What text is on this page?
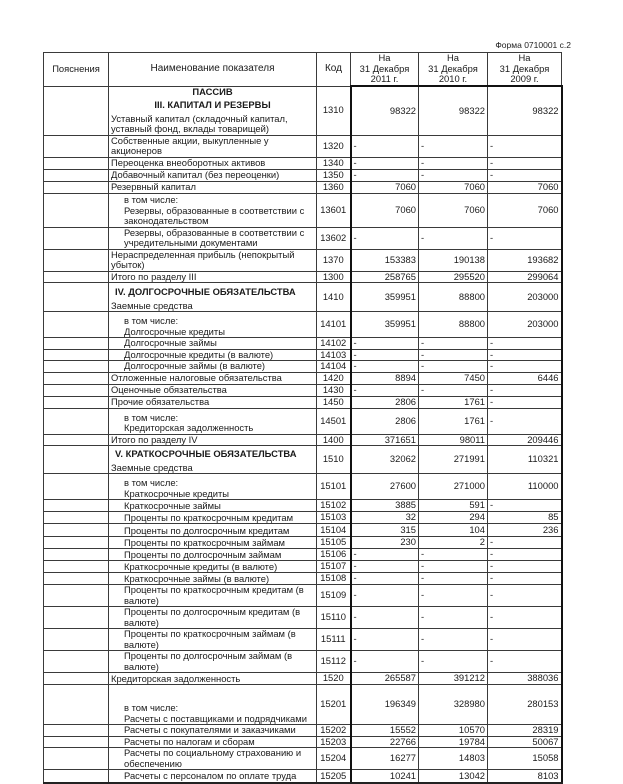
Форма 0710001 с.2
Пояснения	Наименование показателя	Код	На
31 Декабря
2011 г.	На
31 Декабря
2010 г.	На
31 Декабря
2009 г.

	ПАССИВ
III. КАПИТАЛ И РЕЗЕРВЫ
Уставный капитал (складочный капитал, уставный фонд, вклады товарищей)	1310	98322	98322	98322

	Собственные акции, выкупленные у акционеров	1320	-	-	-

	Переоценка внеоборотных активов	1340	-	-	-

	Добавочный капитал (без переоценки)	1350	-	-	-

	Резервный капитал	1360	7060	7060	7060

	в том числе:
Резервы, образованные в соответствии с законодательством	13601	7060	7060	7060

	Резервы, образованные в соответствии с учредительными документами	13602	-	-	-

	Нераспределенная прибыль (непокрытый убыток)	1370	153383	190138	193682

	Итого по разделу III	1300	258765	295520	299064

	IV. ДОЛГОСРОЧНЫЕ ОБЯЗАТЕЛЬСТВА
Заемные средства	1410	359951	88800	203000

	в том числе:
Долгосрочные кредиты	14101	359951	88800	203000

	Долгосрочные займы	14102	-	-	-

	Долгосрочные кредиты (в валюте)	14103	-	-	-

	Долгосрочные займы (в валюте)	14104	-	-	-

	Отложенные налоговые обязательства	1420	8894	7450	6446

	Оценочные обязательства	1430	-	-	-

	Прочие обязательства	1450	2806	1761	-

	в том числе:
Кредиторская задолженность	14501	2806	1761	-

	Итого по разделу IV	1400	371651	98011	209446

	V. КРАТКОСРОЧНЫЕ ОБЯЗАТЕЛЬСТВА
Заемные средства	1510	32062	271991	110321

	в том числе:
Краткосрочные кредиты	15101	27600	271000	110000

	Краткосрочные займы	15102	3885	591	-

	Проценты по краткосрочным кредитам	15103	32	294	85

	Проценты по долгосрочным кредитам	15104	315	104	236

	Проценты по краткосрочным займам	15105	230	2	-

	Проценты по долгосрочным займам	15106	-	-	-

	Краткосрочные кредиты (в валюте)	15107	-	-	-

	Краткосрочные займы (в валюте)	15108	-	-	-

	Проценты по краткосрочным кредитам (в валюте)	15109	-	-	-

	Проценты по долгосрочным кредитам (в валюте)	15110	-	-	-

	Проценты по краткосрочным займам (в валюте)	15111	-	-	-

	Проценты по долгосрочным займам (в валюте)	15112	-	-	-

	Кредиторская задолженность	1520	265587	391212	388036

	в том числе:
Расчеты с поставщиками и подрядчиками	15201	196349	328980	280153

	Расчеты с покупателями и заказчиками	15202	15552	10570	28319

	Расчеты по налогам и сборам	15203	22766	19784	50067

	Расчеты по социальному страхованию и обеспечению	15204	16277	14803	15058

	Расчеты с персоналом по оплате труда	15205	10241	13042	8103
